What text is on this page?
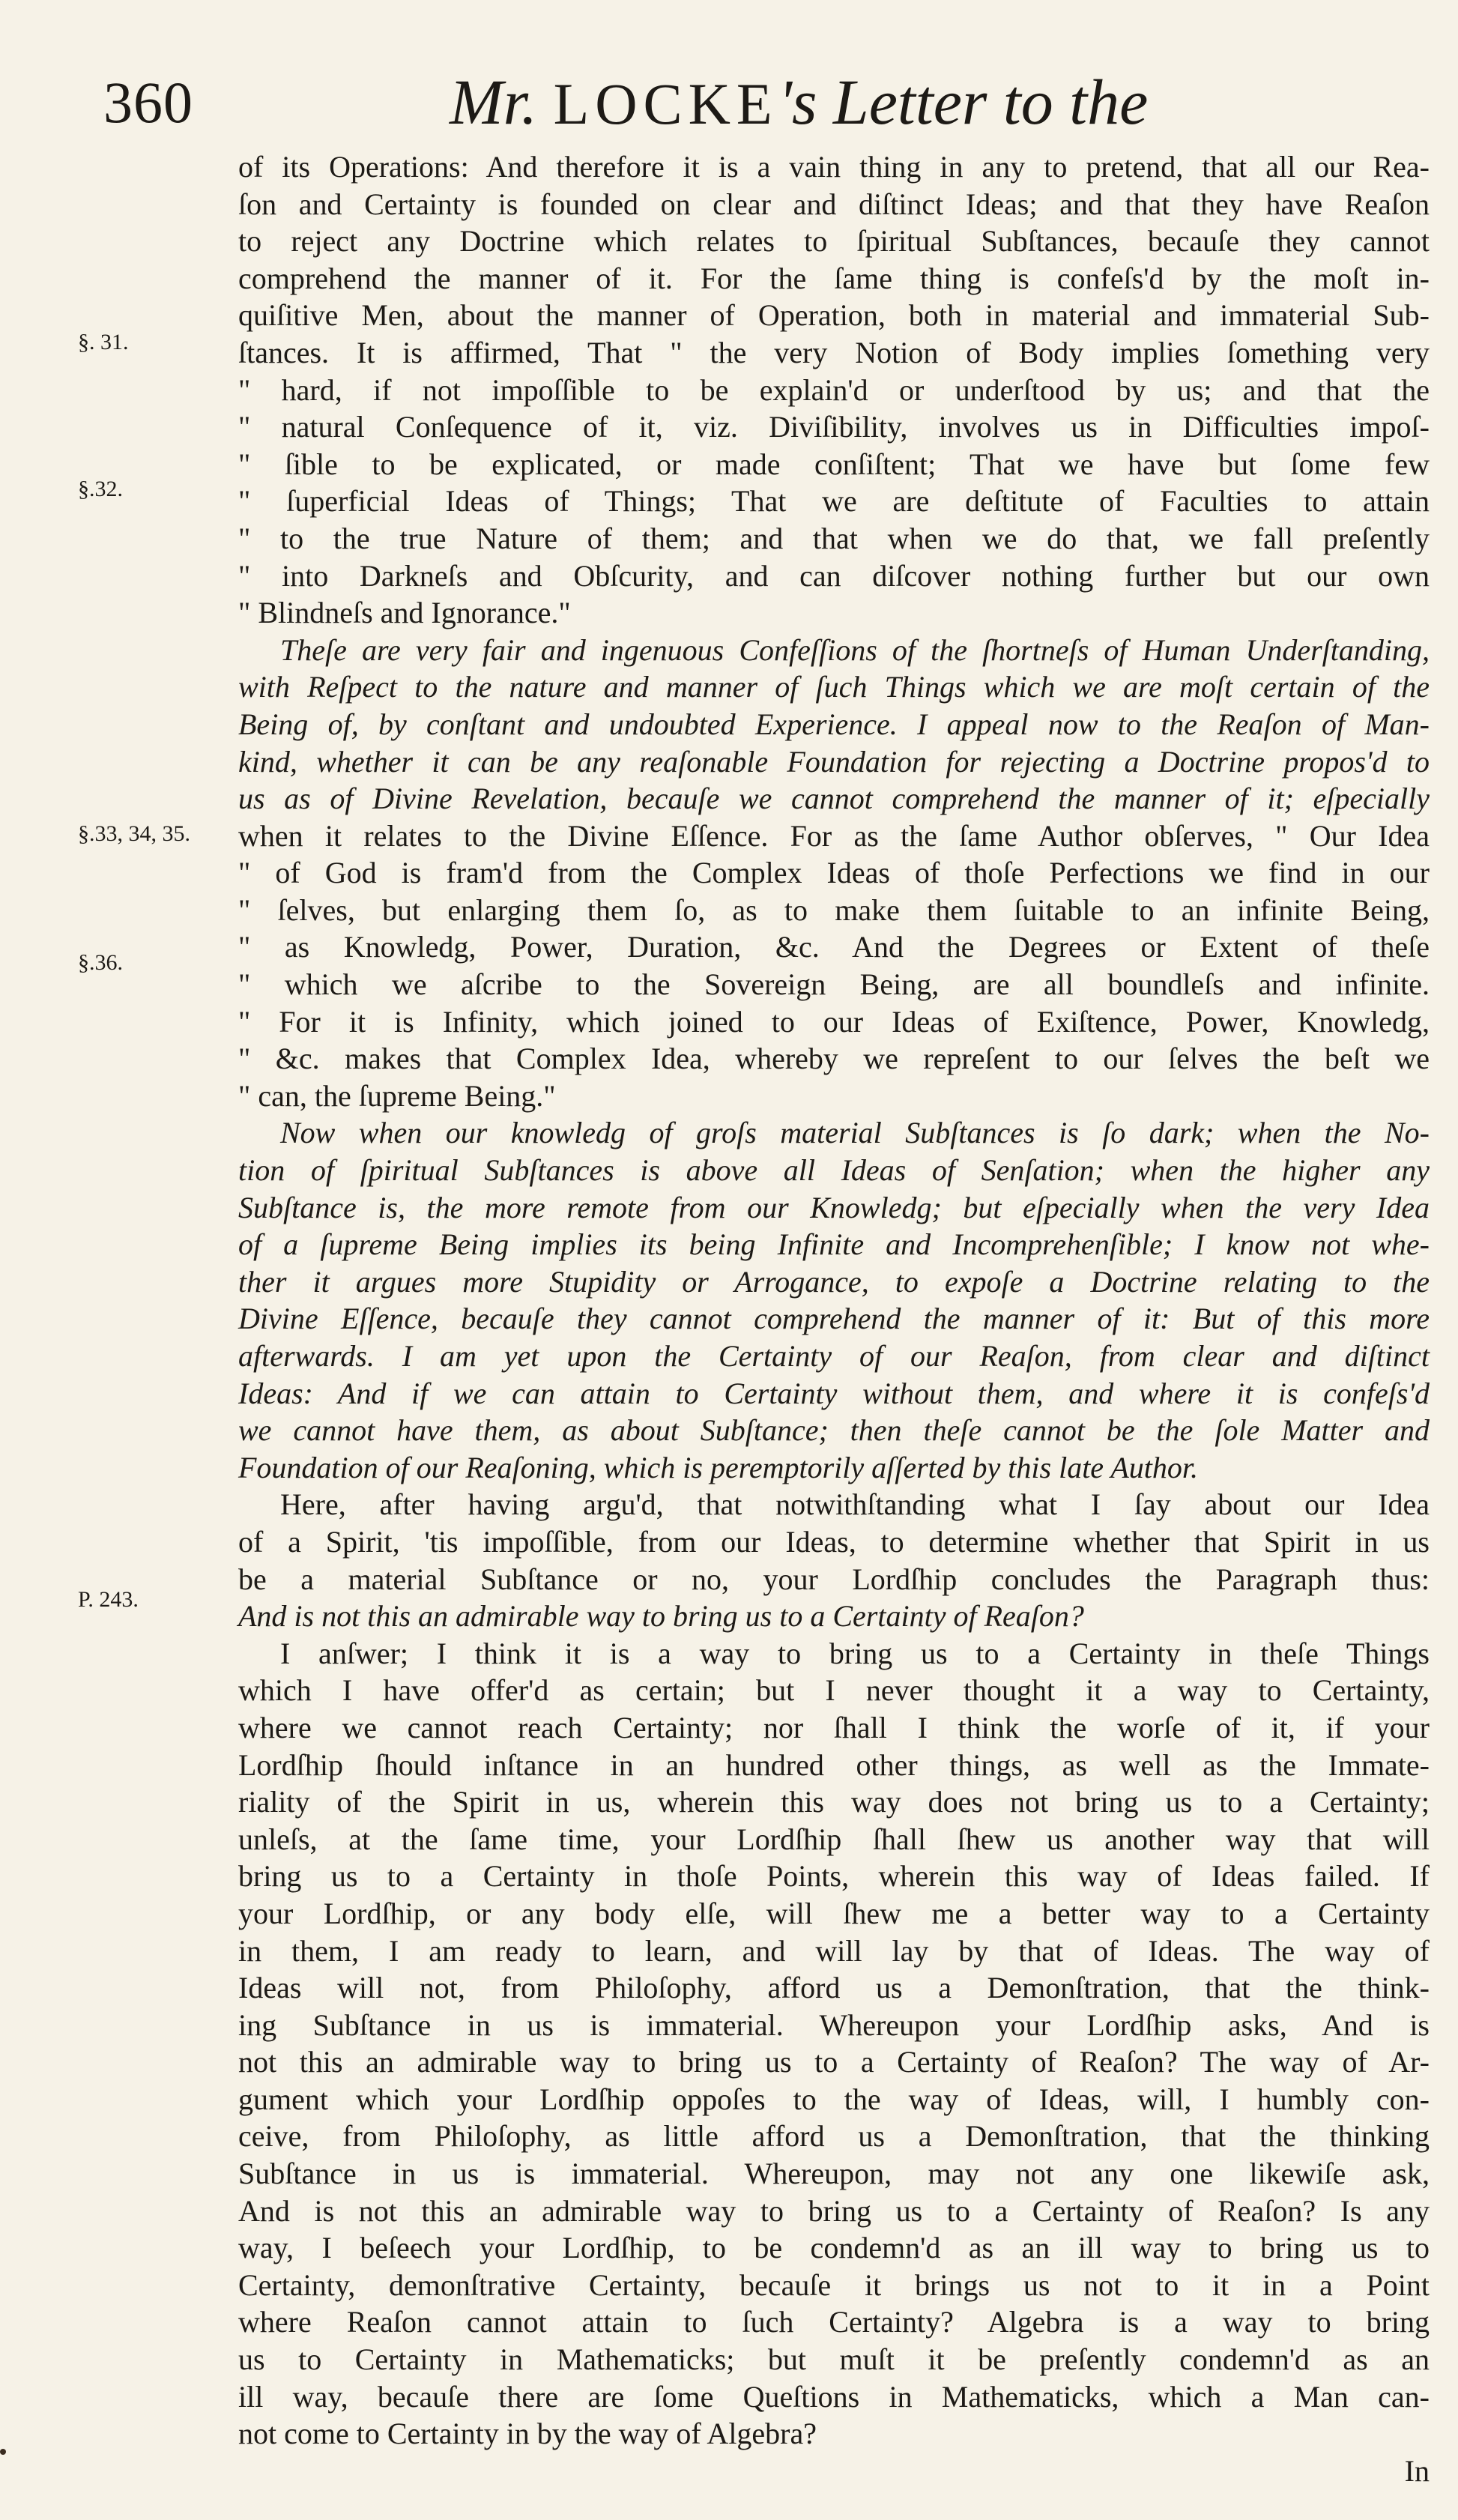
360	Mr. LOCKE's Letter to the
§. 31.
§.32.
§.33, 34, 35.
§.36.
P. 243.

of its Operations: And therefore it is a vain thing in any to pretend, that all our Rea-

ſon and Certainty is founded on clear and diſtinct Ideas; and that they have Reaſon

to reject any Doctrine which relates to ſpiritual Subſtances, becauſe they cannot

comprehend the manner of it. For the ſame thing is confeſs'd by the moſt in-

quiſitive Men, about the manner of Operation, both in material and immaterial Sub-

ſtances. It is affirmed, That " the very Notion of Body implies ſomething very

" hard, if not impoſſible to be explain'd or underſtood by us; and that the

" natural Conſequence of it, viz. Diviſibility, involves us in Difficulties impoſ-

" ſible to be explicated, or made conſiſtent; That we have but ſome few

" ſuperficial Ideas of Things; That we are deſtitute of Faculties to attain

" to the true Nature of them; and that when we do that, we fall preſently

" into Darkneſs and Obſcurity, and can diſcover nothing further but our own

" Blindneſs and Ignorance."

Theſe are very fair and ingenuous Confeſſions of the ſhortneſs of Human Underſtanding,

with Reſpect to the nature and manner of ſuch Things which we are moſt certain of the

Being of, by conſtant and undoubted Experience. I appeal now to the Reaſon of Man-

kind, whether it can be any reaſonable Foundation for rejecting a Doctrine propos'd to

us as of Divine Revelation, becauſe we cannot comprehend the manner of it; eſpecially

when it relates to the Divine Eſſence. For as the ſame Author obſerves, " Our Idea

" of God is fram'd from the Complex Ideas of thoſe Perfections we find in our

" ſelves, but enlarging them ſo, as to make them ſuitable to an infinite Being,

" as Knowledg, Power, Duration, &c. And the Degrees or Extent of theſe

" which we aſcribe to the Sovereign Being, are all boundleſs and infinite.

" For it is Infinity, which joined to our Ideas of Exiſtence, Power, Knowledg,

" &c. makes that Complex Idea, whereby we repreſent to our ſelves the beſt we

" can, the ſupreme Being."

Now when our knowledg of groſs material Subſtances is ſo dark; when the No-

tion of ſpiritual Subſtances is above all Ideas of Senſation; when the higher any

Subſtance is, the more remote from our Knowledg; but eſpecially when the very Idea

of a ſupreme Being implies its being Infinite and Incomprehenſible; I know not whe-

ther it argues more Stupidity or Arrogance, to expoſe a Doctrine relating to the

Divine Eſſence, becauſe they cannot comprehend the manner of it: But of this more

afterwards. I am yet upon the Certainty of our Reaſon, from clear and diſtinct

Ideas: And if we can attain to Certainty without them, and where it is confeſs'd

we cannot have them, as about Subſtance; then theſe cannot be the ſole Matter and

Foundation of our Reaſoning, which is peremptorily aſſerted by this late Author.

Here, after having argu'd, that notwithſtanding what I ſay about our Idea

of a Spirit, 'tis impoſſible, from our Ideas, to determine whether that Spirit in us

be a material Subſtance or no, your Lordſhip concludes the Paragraph thus:

And is not this an admirable way to bring us to a Certainty of Reaſon?

I anſwer; I think it is a way to bring us to a Certainty in theſe Things

which I have offer'd as certain; but I never thought it a way to Certainty,

where we cannot reach Certainty; nor ſhall I think the worſe of it, if your

Lordſhip ſhould inſtance in an hundred other things, as well as the Immate-

riality of the Spirit in us, wherein this way does not bring us to a Certainty;

unleſs, at the ſame time, your Lordſhip ſhall ſhew us another way that will

bring us to a Certainty in thoſe Points, wherein this way of Ideas failed. If

your Lordſhip, or any body elſe, will ſhew me a better way to a Certainty

in them, I am ready to learn, and will lay by that of Ideas. The way of

Ideas will not, from Philoſophy, afford us a Demonſtration, that the think-

ing Subſtance in us is immaterial. Whereupon your Lordſhip asks, And is

not this an admirable way to bring us to a Certainty of Reaſon? The way of Ar-

gument which your Lordſhip oppoſes to the way of Ideas, will, I humbly con-

ceive, from Philoſophy, as little afford us a Demonſtration, that the thinking

Subſtance in us is immaterial. Whereupon, may not any one likewiſe ask,

And is not this an admirable way to bring us to a Certainty of Reaſon? Is any

way, I beſeech your Lordſhip, to be condemn'd as an ill way to bring us to

Certainty, demonſtrative Certainty, becauſe it brings us not to it in a Point

where Reaſon cannot attain to ſuch Certainty? Algebra is a way to bring

us to Certainty in Mathematicks; but muſt it be preſently condemn'd as an

ill way, becauſe there are ſome Queſtions in Mathematicks, which a Man can-

not come to Certainty in by the way of Algebra?

In
